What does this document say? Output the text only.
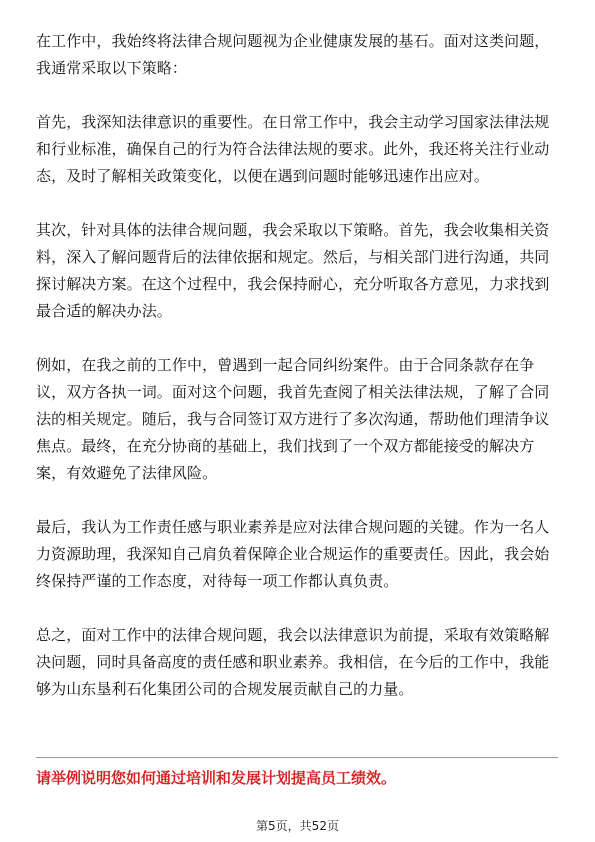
在工作中，我始终将法律合规问题视为企业健康发展的基石。面对这类问题，我通常采取以下策略：

首先，我深知法律意识的重要性。在日常工作中，我会主动学习国家法律法规和行业标准，确保自己的行为符合法律法规的要求。此外，我还将关注行业动态，及时了解相关政策变化，以便在遇到问题时能够迅速作出应对。

其次，针对具体的法律合规问题，我会采取以下策略。首先，我会收集相关资料，深入了解问题背后的法律依据和规定。然后，与相关部门进行沟通，共同探讨解决方案。在这个过程中，我会保持耐心，充分听取各方意见，力求找到最合适的解决办法。

例如，在我之前的工作中，曾遇到一起合同纠纷案件。由于合同条款存在争议，双方各执一词。面对这个问题，我首先查阅了相关法律法规，了解了合同法的相关规定。随后，我与合同签订双方进行了多次沟通，帮助他们理清争议焦点。最终，在充分协商的基础上，我们找到了一个双方都能接受的解决方案，有效避免了法律风险。

最后，我认为工作责任感与职业素养是应对法律合规问题的关键。作为一名人力资源助理，我深知自己肩负着保障企业合规运作的重要责任。因此，我会始终保持严谨的工作态度，对待每一项工作都认真负责。

总之，面对工作中的法律合规问题，我会以法律意识为前提，采取有效策略解决问题，同时具备高度的责任感和职业素养。我相信，在今后的工作中，我能够为山东垦利石化集团公司的合规发展贡献自己的力量。

请举例说明您如何通过培训和发展计划提高员工绩效。

第5页，共52页
